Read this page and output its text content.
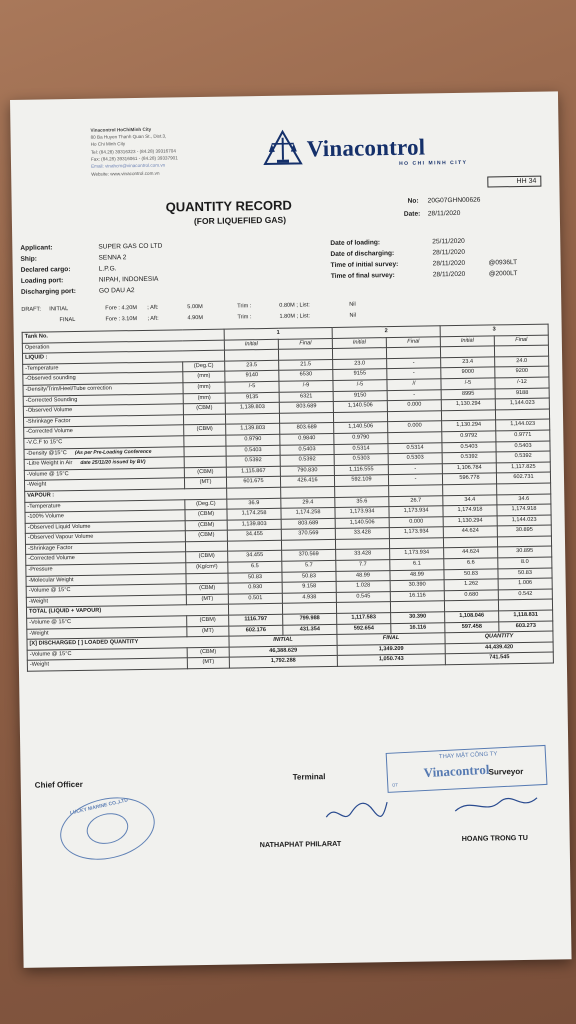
Vinacontrol HoChiMinh City
80 Ba Huyen Thanh Quan St., Dist.3,
Ho Chi Minh City
Tel: (84.28) 39316323 - (84.28) 39316704
Fax: (84.28) 39316061 - (84.28) 39337901
Email: vinahcm@vinacontrol.com.vn
Website: www.vinacontrol.com.vn
Vinacontrol
HO CHI MINH CITY
HH 34
QUANTITY RECORD
(FOR LIQUEFIED GAS)
No: 20G07GHN00626
Date: 28/11/2020
Applicant:	SUPER GAS CO LTD
Ship:	SENNA 2
Declared cargo:	L.P.G.
Loading port:	NIPAH, INDONESIA
Discharging port:	GO DAU A2
Date of loading:	25/11/2020
Date of discharging:	28/11/2020
Time of initial survey:	28/11/2020	@0936LT
Time of final survey:	28/11/2020	@2000LT
DRAFT: INITIAL	Fore : 4.20M ; Aft:	5.00M	Trim :	0.80M ; List:	Nil
FINAL	Fore : 3.10M ; Aft:	4.90M	Trim :	1.80M ; List:	Nil
Tank No.		1		2		3	
Operation		Initial	Final	Initial	Final	Initial	Final
LIQUID :							
-Temperature	(Deg.C)	23.5	21.5	23.0	-	23.4	24.0
-Observed sounding	(mm)	9140	6530	9155	-	9000	9200
-Density/Trim/Heel/Tube correction	(mm)	/-5	/-9	/-5	//	/-5	/-12
-Corrected Sounding	(mm)	9135	6321	9150	-	8995	9188
-Observed Volume	(CBM)	1,139.803	803.689	1,140.506	0.000	1,130.294	1,144.023
-Shrinkage Factor							
-Corrected Volume	(CBM)	1,139.803	803.689	1,140.506	0.000	1,130.294	1,144.023
-V.C.F to 15°C		0.9790	0.9840	0.9790		0.9792	0.9771
-Density @15°C (As per Pre-Loading Conference		0.5403	0.5403	0.5314	0.5314	0.5403	0.5403
-Litre Weight in Air date 25/11/20 issued by BV)		0.5392	0.5392	0.5303	0.5303	0.5392	0.5392
-Volume @ 15°C	(CBM)	1,115.867	790.830	1,116.555	-	1,106.784	1,117.825
-Weight	(MT)	601.675	426.416	592.109	-	596.778	602.731
VAPOUR :							
-Temperature	(Deg.C)	36.9	29.4	35.6	26.7	34.4	34.6
-100% Volume	(CBM)	1,174.258	1,174.258	1,173.934	1,173.934	1,174.918	1,174.918
-Observed Liquid Volume	(CBM)	1,139.803	803.689	1,140.506	0.000	1,130.294	1,144.023
-Observed Vapour Volume	(CBM)	34.455	370.569	33.428	1,173.934	44.624	30.895
-Shrinkage Factor							
-Corrected Volume	(CBM)	34.455	370.569	33.428	1,173.934	44.624	30.895
-Pressure	(Kg/cm²)	6.5	5.7	7.7	6.1	6.6	8.0
-Molecular Weight		50.83	50.83	48.99	48.99	50.83	50.83
-Volume @ 15°C	(CBM)	0.930	9.158	1.028	30.390	1.262	1.006
-Weight	(MT)	0.501	4.938	0.545	16.116	0.680	0.542
TOTAL (LIQUID + VAPOUR)							
-Volume @ 15°C	(CBM)	1116.797	799.988	1,117.583	30.390	1,108.046	1,118.831
-Weight	(MT)	602.176	431.354	592.654	16.116	597.458	603.273
[X] DISCHARGED [ ] LOADED QUANTITY		INITIAL		FINAL		QUANTITY	
-Volume @ 15°C	(CBM)	46,388.629		1,349.209		44,439.420	
-Weight	(MT)	1,792.288		1,050.743		741.545	
Chief Officer
Terminal
Surveyor
LUCKY MARINE CO.,LTD
THAY MẶT CÔNG TY
Vinacontrol
07
NATHAPHAT PHILARAT
HOANG TRONG TU
